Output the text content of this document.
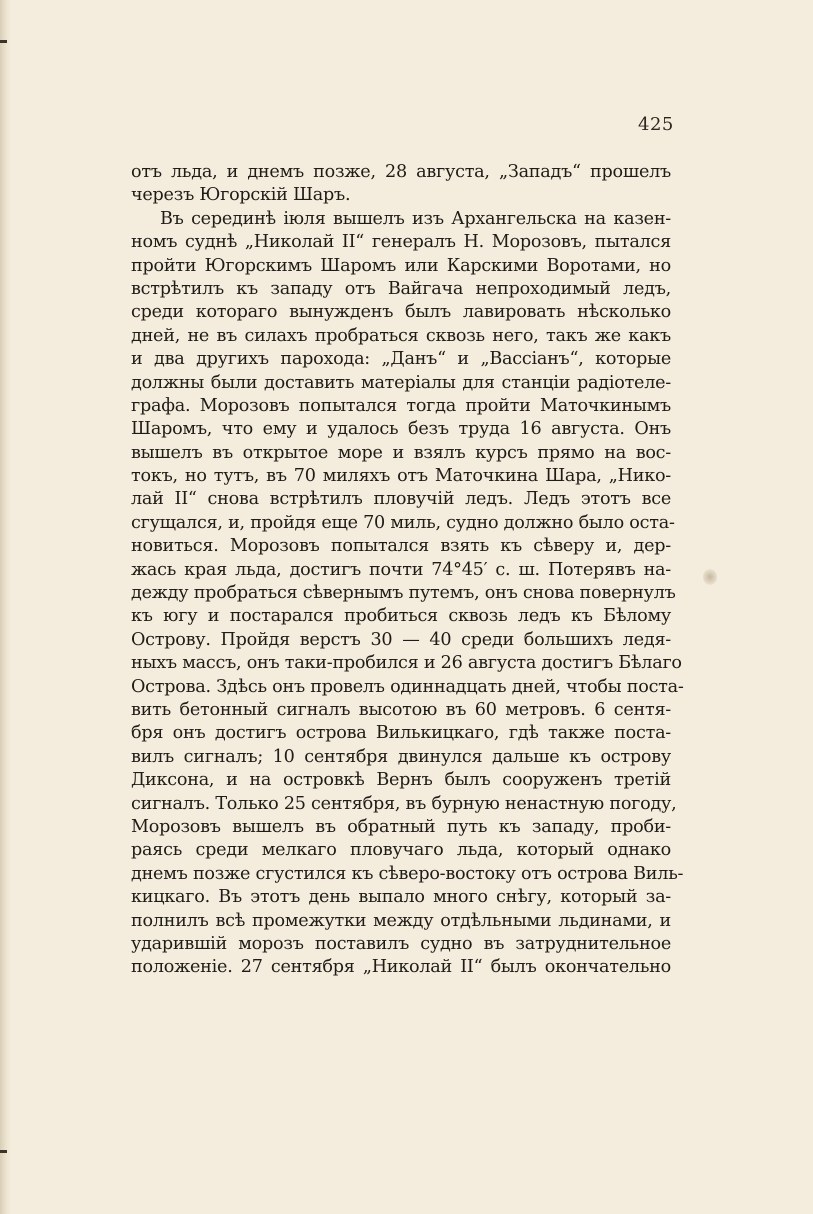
425
отъ льда, и днемъ позже, 28 августа, „Западъ“ прошелъ
черезъ Югорскій Шаръ.
Въ серединѣ іюля вышелъ изъ Архангельска на казен-
номъ суднѣ „Николай II“ генералъ Н. Морозовъ, пытался
пройти Югорскимъ Шаромъ или Карскими Воротами, но
встрѣтилъ къ западу отъ Вайгача непроходимый ледъ,
среди котораго вынужденъ былъ лавировать нѣсколько
дней, не въ силахъ пробраться сквозь него, такъ же какъ
и два другихъ парохода: „Данъ“ и „Вассіанъ“, которые
должны были доставить матеріалы для станціи радіотеле-
графа. Морозовъ попытался тогда пройти Маточкинымъ
Шаромъ, что ему и удалось безъ труда 16 августа. Онъ
вышелъ въ открытое море и взялъ курсъ прямо на вос-
токъ, но тутъ, въ 70 миляхъ отъ Маточкина Шара, „Нико-
лай II“ снова встрѣтилъ пловучій ледъ. Ледъ этотъ все
сгущался, и, пройдя еще 70 миль, судно должно было оста-
новиться. Морозовъ попытался взять къ сѣверу и, дер-
жась края льда, достигъ почти 74°45′ с. ш. Потерявъ на-
дежду пробраться сѣвернымъ путемъ, онъ снова повернулъ
къ югу и постарался пробиться сквозь ледъ къ Бѣлому
Острову. Пройдя верстъ 30 — 40 среди большихъ ледя-
ныхъ массъ, онъ таки-пробился и 26 августа достигъ Бѣлаго
Острова. Здѣсь онъ провелъ одиннадцать дней, чтобы поста-
вить бетонный сигналъ высотою въ 60 метровъ. 6 сентя-
бря онъ достигъ острова Вилькицкаго, гдѣ также поста-
вилъ сигналъ; 10 сентября двинулся дальше къ острову
Диксона, и на островкѣ Вернъ былъ сооруженъ третій
сигналъ. Только 25 сентября, въ бурную ненастную погоду,
Морозовъ вышелъ въ обратный путь къ западу, проби-
раясь среди мелкаго пловучаго льда, который однако
днемъ позже сгустился къ сѣверо-востоку отъ острова Виль-
кицкаго. Въ этотъ день выпало много снѣгу, который за-
полнилъ всѣ промежутки между отдѣльными льдинами, и
ударившій морозъ поставилъ судно въ затруднительное
положеніе. 27 сентября „Николай II“ былъ окончательно
